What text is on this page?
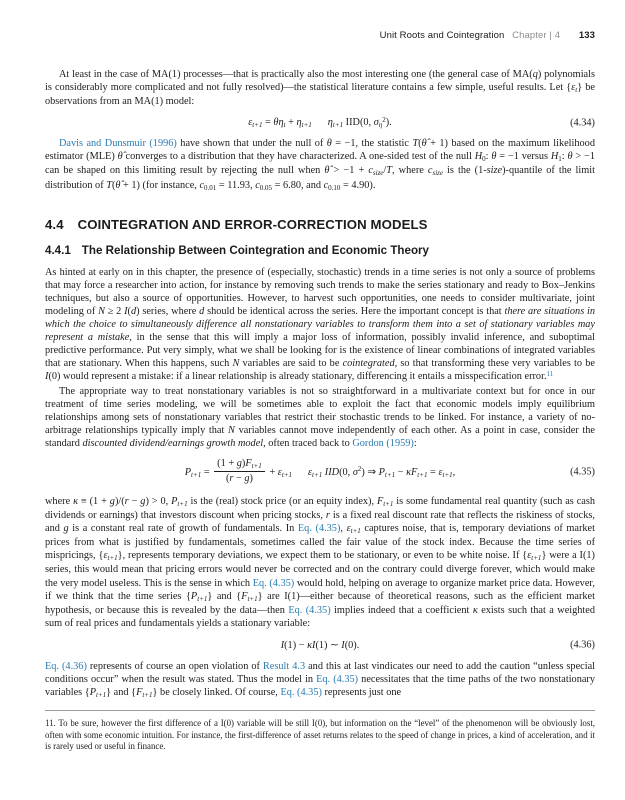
Unit Roots and Cointegration Chapter | 4 133

At least in the case of MA(1) processes—that is practically also the most interesting one (the general case of MA(q) polynomials is considerably more complicated and not fully resolved)—the statistical literature contains a few simple, useful results. Let {εt} be observations from an MA(1) model:

εt+1 = θηt + ηt+1 ηt+1 IID(0, $\sigma\eta^2$).	(4.34)

Davis and Dunsmuir (1996) have shown that under the null of θ = −1, the statistic T(θ̂ + 1) based on the maximum likelihood estimator (MLE) θ̂ converges to a distribution that they have characterized. A one-sided test of the null H0: θ = −1 versus H1: θ > −1 can be shaped on this limiting result by rejecting the null when θ̂ > −1 + csize/T, where csize is the (1-size)-quantile of the limit distribution of T(θ̂ + 1) (for instance, c0.01 = 11.93, c0.05 = 6.80, and c0.10 = 4.90).

4.4 COINTEGRATION AND ERROR-CORRECTION MODELS
4.4.1 The Relationship Between Cointegration and Economic Theory

As hinted at early on in this chapter, the presence of (especially, stochastic) trends in a time series is not only a source of problems that may force a researcher into action, for instance by removing such trends to make the series stationary and ready to Box–Jenkins techniques, but also a source of opportunities. However, to harvest such opportunities, one needs to consider multivariate, joint modeling of N ≥ 2 I(d) series, where d should be identical across the series. Here the important concept is that there are situations in which the choice to simultaneously difference all nonstationary variables to transform them into a set of stationary variables may represent a mistake, in the sense that this will imply a major loss of information, possibly invalid inference, and suboptimal predictive performance. Put very simply, what we shall be looking for is the existence of linear combinations of integrated variables that are stationary. When this happens, such N variables are said to be cointegrated, so that transforming these very variables to be I(0) would represent a mistake: if a linear relationship is already stationary, differencing it entails a misspecification error.$^{11}$

The appropriate way to treat nonstationary variables is not so straightforward in a multivariate context but for once in our treatment of time series modeling, we will be sometimes able to exploit the fact that economic models imply equilibrium relationships among sets of nonstationary variables that restrict their stochastic trends to be linked. For instance, a variety of no-arbitrage relationships typically imply that N variables cannot move independently of each other. As a point in case, consider the standard discounted dividend/earnings growth model, often traced back to Gordon (1959):

$Pt+1 = \frac{(1 + g)Ft+1}{(r - g)} + \varepsilon t+1$ εt+1 IID(0, $\sigma^2$) ⇒ Pt+1 − κFt+1 = εt+1,	(4.35)

where κ ≡ (1 + g)/(r − g) > 0, Pt+1 is the (real) stock price (or an equity index), Ft+1 is some fundamental real quantity (such as cash dividends or earnings) that investors discount when pricing stocks, r is a fixed real discount rate that reflects the riskiness of stocks, and g is a constant real rate of growth of fundamentals. In Eq. (4.35), εt+1 captures noise, that is, temporary deviations of market prices from what is justified by fundamentals, sometimes called the fair value of the stock index. Because the time series of mispricings, {εt+1}, represents temporary deviations, we expect them to be stationary, or even to be white noise. If {εt+1} were a I(1) series, this would mean that pricing errors would never be corrected and on the contrary could diverge forever, which would make the very model useless. This is the sense in which Eq. (4.35) would hold, helping on average to organize market price data. However, if we think that the time series {Pt+1} and {Ft+1} are I(1)—either because of theoretical reasons, such as the efficient market hypothesis, or because this is revealed by the data—then Eq. (4.35) implies indeed that a coefficient κ exists such that a weighted sum of real prices and fundamentals yields a stationary variable:

I(1) − κI(1) ∼ I(0).	(4.36)

Eq. (4.36) represents of course an open violation of Result 4.3 and this at last vindicates our need to add the caution “unless special conditions occur” when the result was stated. Thus the model in Eq. (4.35) necessitates that the time paths of the two nonstationary variables {Pt+1} and {Ft+1} be closely linked. Of course, Eq. (4.35) represents just one

11. To be sure, however the first difference of a I(0) variable will be still I(0), but information on the “level” of the phenomenon will be obviously lost, often with some economic intuition. For instance, the first-difference of asset returns relates to the speed of change in prices, a kind of acceleration, and it is rarely used or useful in finance.
